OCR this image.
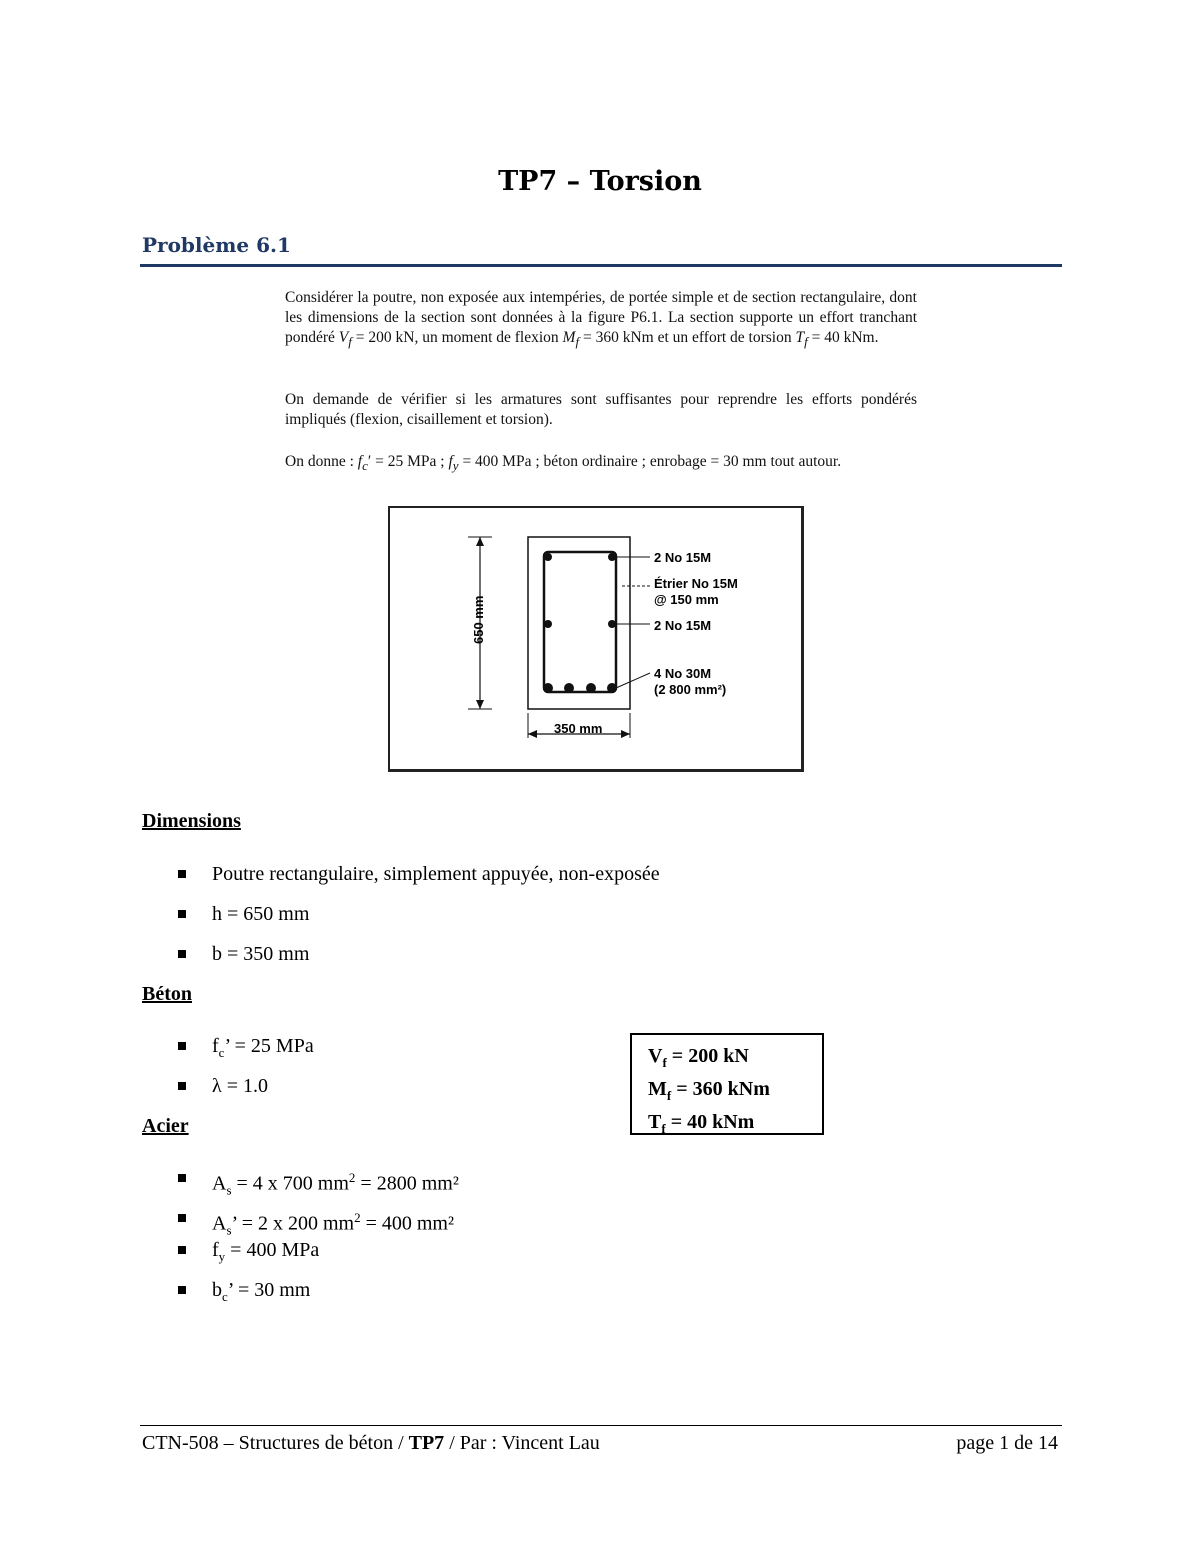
TP7 – Torsion
Problème 6.1
Considérer la poutre, non exposée aux intempéries, de portée simple et de section rectangulaire, dont les dimensions de la section sont données à la figure P6.1. La section supporte un effort tranchant pondéré $V_f = 200$ kN, un moment de flexion $M_f = 360$ kNm et un effort de torsion $T_f = 40$ kNm.
On demande de vérifier si les armatures sont suffisantes pour reprendre les efforts pondérés impliqués (flexion, cisaillement et torsion).
On donne : $f_c' = 25$ MPa ; $f_y = 400$ MPa ; béton ordinaire ; enrobage = 30 mm tout autour.
650 mm
350 mm
2 No 15M
Étrier No 15M
@ 150 mm
2 No 15M
4 No 30M
(2 800 mm²)
Dimensions
Poutre rectangulaire, simplement appuyée, non-exposée
h = 650 mm
b = 350 mm
Béton
$f_c$’ = 25 MPa
λ = 1.0
$V_f = 200$ kN
$M_f = 360$ kNm
$T_f = 40$ kNm
Acier
$A_s = 4$ x 700 $mm^2 = 2800$ mm²
$A_s$’ = 2 x 200 $mm^2 = 400$ mm²
$f_y = 400$ MPa
$b_c$’ = 30 mm
CTN-508 – Structures de béton / TP7 / Par : Vincent Lau	page 1 de 14
